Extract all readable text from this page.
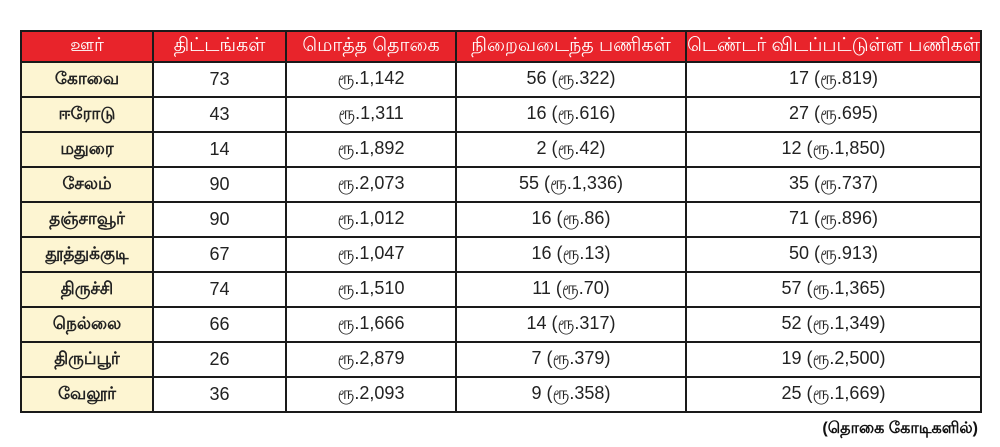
ஊர்	திட்டங்கள்	மொத்த தொகை	நிறைவடைந்த பணிகள்	டெண்டர் விடப்பட்டுள்ள பணிகள்
கோவை	73	ரூ.1,142	56 (ரூ.322)	17 (ரூ.819)
ஈரோடு	43	ரூ.1,311	16 (ரூ.616)	27 (ரூ.695)
மதுரை	14	ரூ.1,892	2 (ரூ.42)	12 (ரூ.1,850)
சேலம்	90	ரூ.2,073	55 (ரூ.1,336)	35 (ரூ.737)
தஞ்சாவூர்	90	ரூ.1,012	16 (ரூ.86)	71 (ரூ.896)
தூத்துக்குடி	67	ரூ.1,047	16 (ரூ.13)	50 (ரூ.913)
திருச்சி	74	ரூ.1,510	11 (ரூ.70)	57 (ரூ.1,365)
நெல்லை	66	ரூ.1,666	14 (ரூ.317)	52 (ரூ.1,349)
திருப்பூர்	26	ரூ.2,879	7 (ரூ.379)	19 (ரூ.2,500)
வேலூர்	36	ரூ.2,093	9 (ரூ.358)	25 (ரூ.1,669)
(தொகை கோடிகளில்)
